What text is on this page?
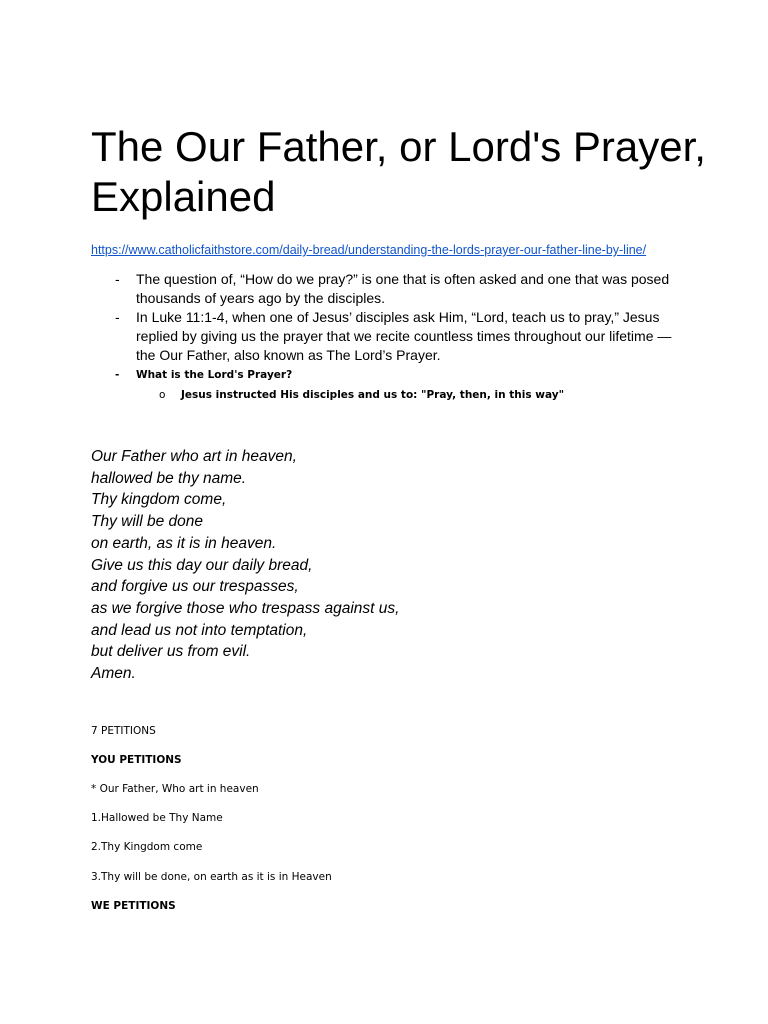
The Our Father, or Lord's Prayer, Explained
https://www.catholicfaithstore.com/daily-bread/understanding-the-lords-prayer-our-father-line-by-line/
- The question of, “How do we pray?” is one that is often asked and one that was posed thousands of years ago by the disciples.
- In Luke 11:1-4, when one of Jesus’ disciples ask Him, “Lord, teach us to pray,” Jesus replied by giving us the prayer that we recite countless times throughout our lifetime — the Our Father, also known as The Lord’s Prayer.
- What is the Lord's Prayer?
o Jesus instructed His disciples and us to: "Pray, then, in this way"
Our Father who art in heaven,
hallowed be thy name.
Thy kingdom come,
Thy will be done
on earth, as it is in heaven.
Give us this day our daily bread,
and forgive us our trespasses,
as we forgive those who trespass against us,
and lead us not into temptation,
but deliver us from evil.
Amen.
7 PETITIONS
YOU PETITIONS
* Our Father, Who art in heaven
1.Hallowed be Thy Name
2.Thy Kingdom come
3.Thy will be done, on earth as it is in Heaven
WE PETITIONS
